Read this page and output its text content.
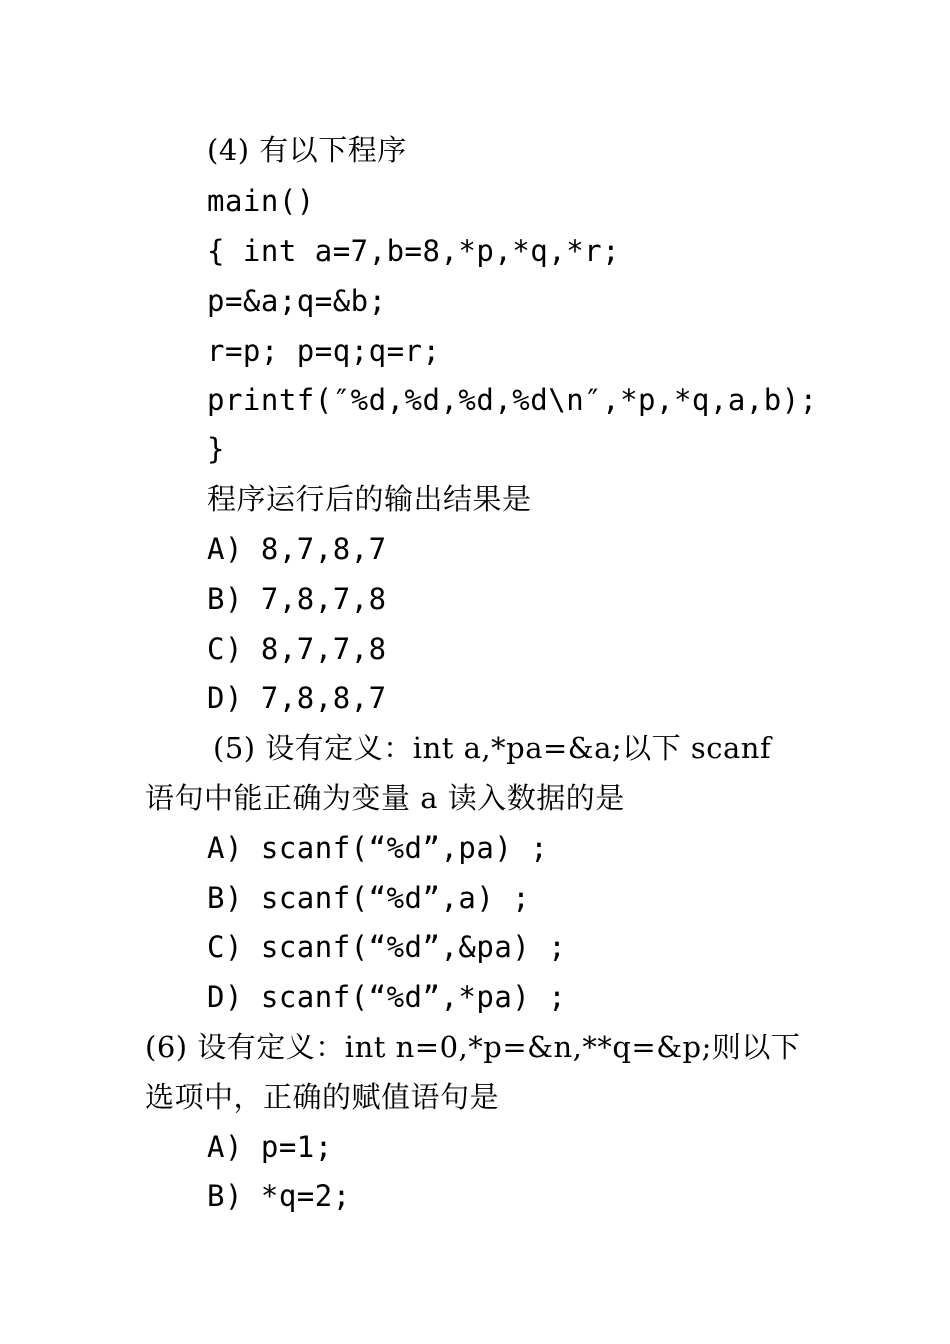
(4) 有以下程序
main()
{ int a=7,b=8,*p,*q,*r;
p=&a;q=&b;
r=p; p=q;q=r;
printf(″%d,%d,%d,%d\n″,*p,*q,a,b);
}
程序运行后的输出结果是
A) 8,7,8,7
B) 7,8,7,8
C) 8,7,7,8
D) 7,8,8,7
(5) 设有定义：int a,*pa=&a;以下 scanf
语句中能正确为变量 a 读入数据的是
A) scanf(“%d”,pa) ;
B) scanf(“%d”,a) ;
C) scanf(“%d”,&pa) ;
D) scanf(“%d”,*pa) ;
(6) 设有定义：int n=0,*p=&n,**q=&p;则以下
选项中，正确的赋值语句是
A) p=1;
B) *q=2;
